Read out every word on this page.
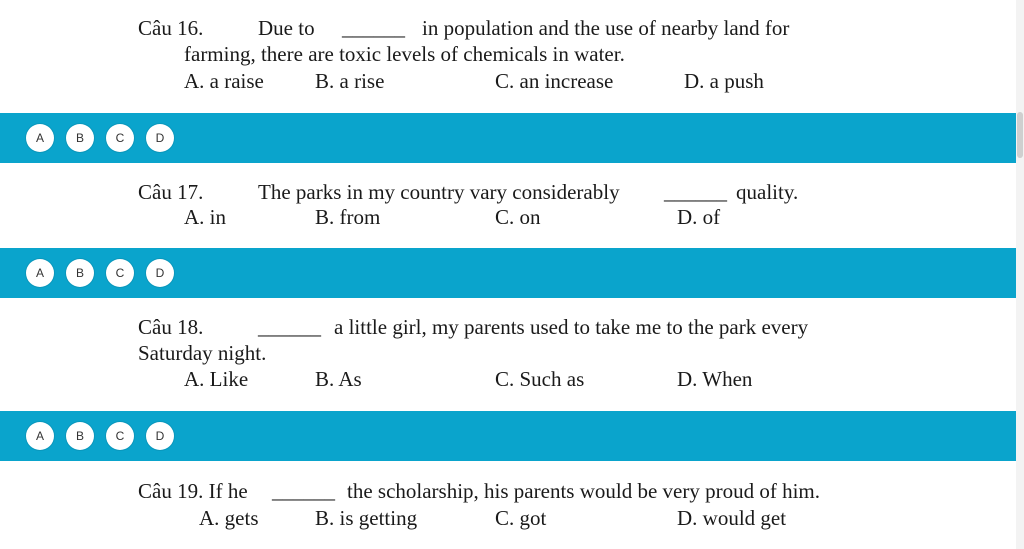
Câu 16.	Due to ______ in population and the use of nearby land for
farming, there are toxic levels of chemicals in water.
A. a raise B. a rise	C. an increase	D. a push
A	B	C	D
Câu 17.	The parks in my country vary considerably ______ quality.
A. in	B. from	C. on	D. of
A	B	C	D
Câu 18.	______ a little girl, my parents used to take me to the park every
Saturday night.
A. Like	B. As	C. Such as	D. When
A	B	C	D
Câu 19. If he ______ the scholarship, his parents would be very proud of him.
A. gets	B. is getting	C. got	D. would get
